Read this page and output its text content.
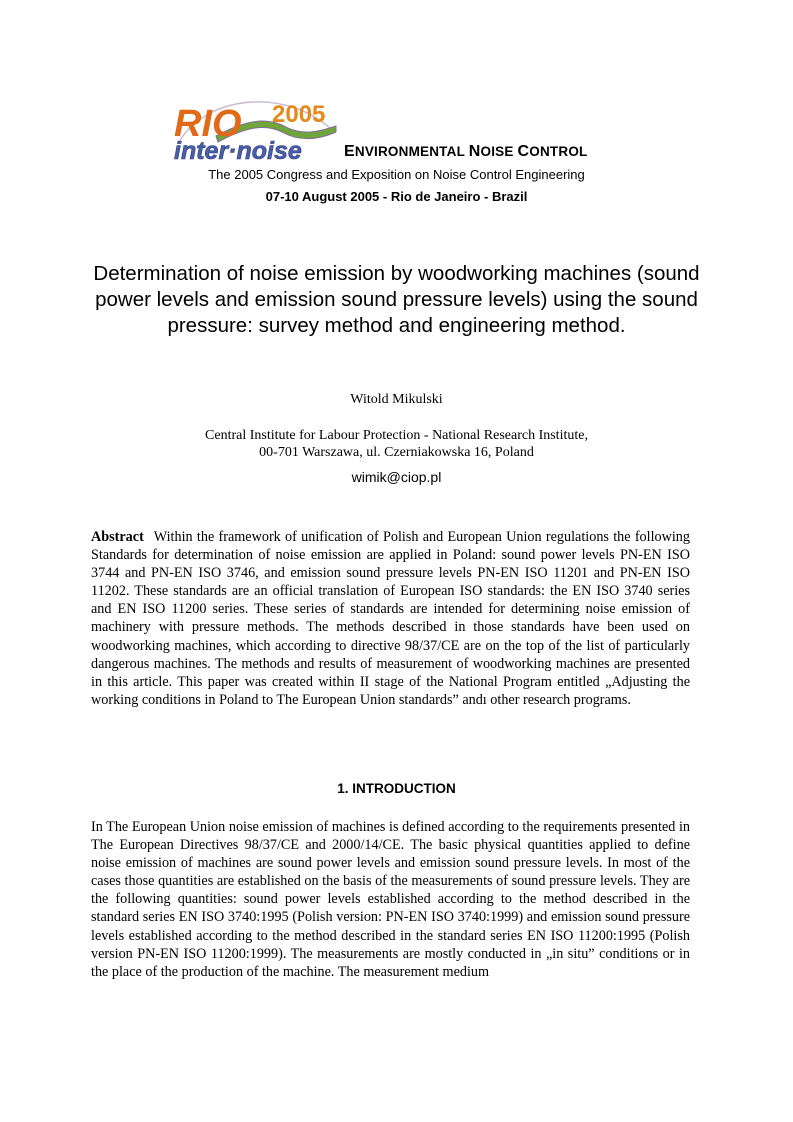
RIO 2005
inter·noise	ENVIRONMENTAL NOISE CONTROL
The 2005 Congress and Exposition on Noise Control Engineering
07-10 August 2005 - Rio de Janeiro - Brazil
Determination of noise emission by woodworking machines (sound power levels and emission sound pressure levels) using the sound pressure: survey method and engineering method.
Witold Mikulski
Central Institute for Labour Protection - National Research Institute,
00-701 Warszawa, ul. Czerniakowska 16, Poland
wimik@ciop.pl
Abstract Within the framework of unification of Polish and European Union regulations the following Standards for determination of noise emission are applied in Poland: sound power levels PN-EN ISO 3744 and PN-EN ISO 3746, and emission sound pressure levels PN-EN ISO 11201 and PN-EN ISO 11202. These standards are an official translation of European ISO standards: the EN ISO 3740 series and EN ISO 11200 series. These series of standards are intended for determining noise emission of machinery with pressure methods. The methods described in those standards have been used on woodworking machines, which according to directive 98/37/CE are on the top of the list of particularly dangerous machines. The methods and results of measurement of woodworking machines are presented in this article. This paper was created within II stage of the National Program entitled „Adjusting the working conditions in Poland to The European Union standards” andı other research programs.
1. INTRODUCTION
In The European Union noise emission of machines is defined according to the requirements presented in The European Directives 98/37/CE and 2000/14/CE. The basic physical quantities applied to define noise emission of machines are sound power levels and emission sound pressure levels. In most of the cases those quantities are established on the basis of the measurements of sound pressure levels. They are the following quantities: sound power levels established according to the method described in the standard series EN ISO 3740:1995 (Polish version: PN-EN ISO 3740:1999) and emission sound pressure levels established according to the method described in the standard series EN ISO 11200:1995 (Polish version PN-EN ISO 11200:1999). The measurements are mostly conducted in „in situ” conditions or in the place of the production of the machine. The measurement medium
